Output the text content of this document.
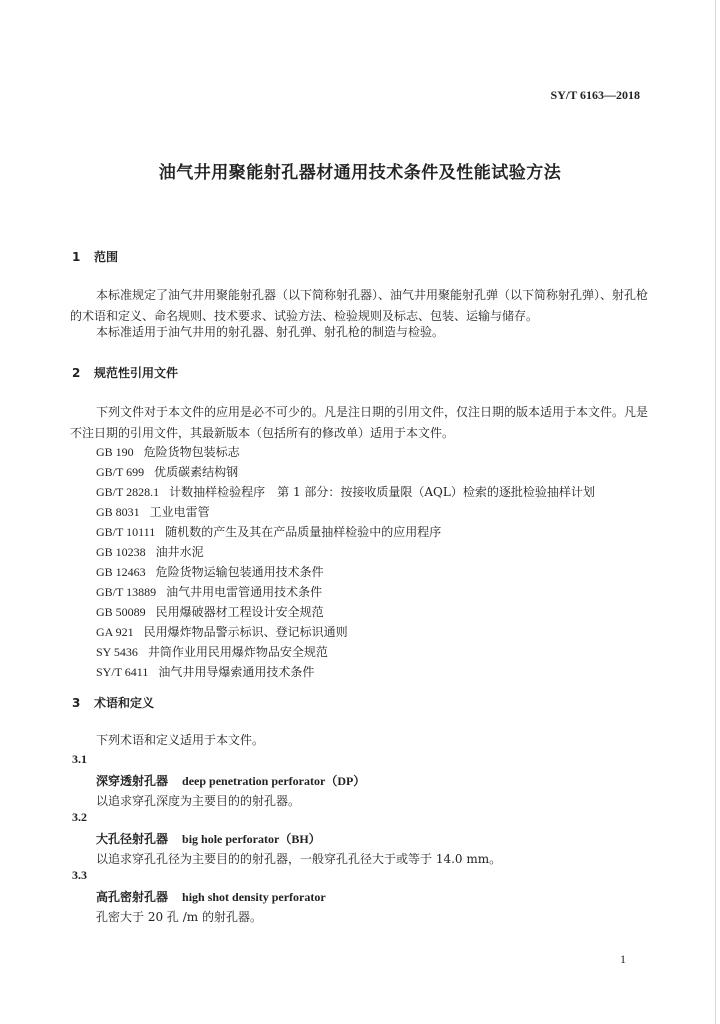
SY/T 6163—2018
油气井用聚能射孔器材通用技术条件及性能试验方法
1 范围
本标准规定了油气井用聚能射孔器（以下简称射孔器）、油气井用聚能射孔弹（以下简称射孔弹）、射孔枪的术语和定义、命名规则、技术要求、试验方法、检验规则及标志、包装、运输与储存。
本标准适用于油气井用的射孔器、射孔弹、射孔枪的制造与检验。
2 规范性引用文件
下列文件对于本文件的应用是必不可少的。凡是注日期的引用文件，仅注日期的版本适用于本文件。凡是不注日期的引用文件，其最新版本（包括所有的修改单）适用于本文件。
GB 190 危险货物包装标志
GB/T 699 优质碳素结构钢
GB/T 2828.1 计数抽样检验程序　第 1 部分：按接收质量限（AQL）检索的逐批检验抽样计划
GB 8031 工业电雷管
GB/T 10111 随机数的产生及其在产品质量抽样检验中的应用程序
GB 10238 油井水泥
GB 12463 危险货物运输包装通用技术条件
GB/T 13889 油气井用电雷管通用技术条件
GB 50089 民用爆破器材工程设计安全规范
GA 921 民用爆炸物品警示标识、登记标识通则
SY 5436 井筒作业用民用爆炸物品安全规范
SY/T 6411 油气井用导爆索通用技术条件
3 术语和定义
下列术语和定义适用于本文件。
3.1
深穿透射孔器 deep penetration perforator（DP）
以追求穿孔深度为主要目的的射孔器。
3.2
大孔径射孔器 big hole perforator（BH）
以追求穿孔孔径为主要目的的射孔器，一般穿孔孔径大于或等于 14.0 mm。
3.3
高孔密射孔器 high shot density perforator
孔密大于 20 孔 /m 的射孔器。
1
